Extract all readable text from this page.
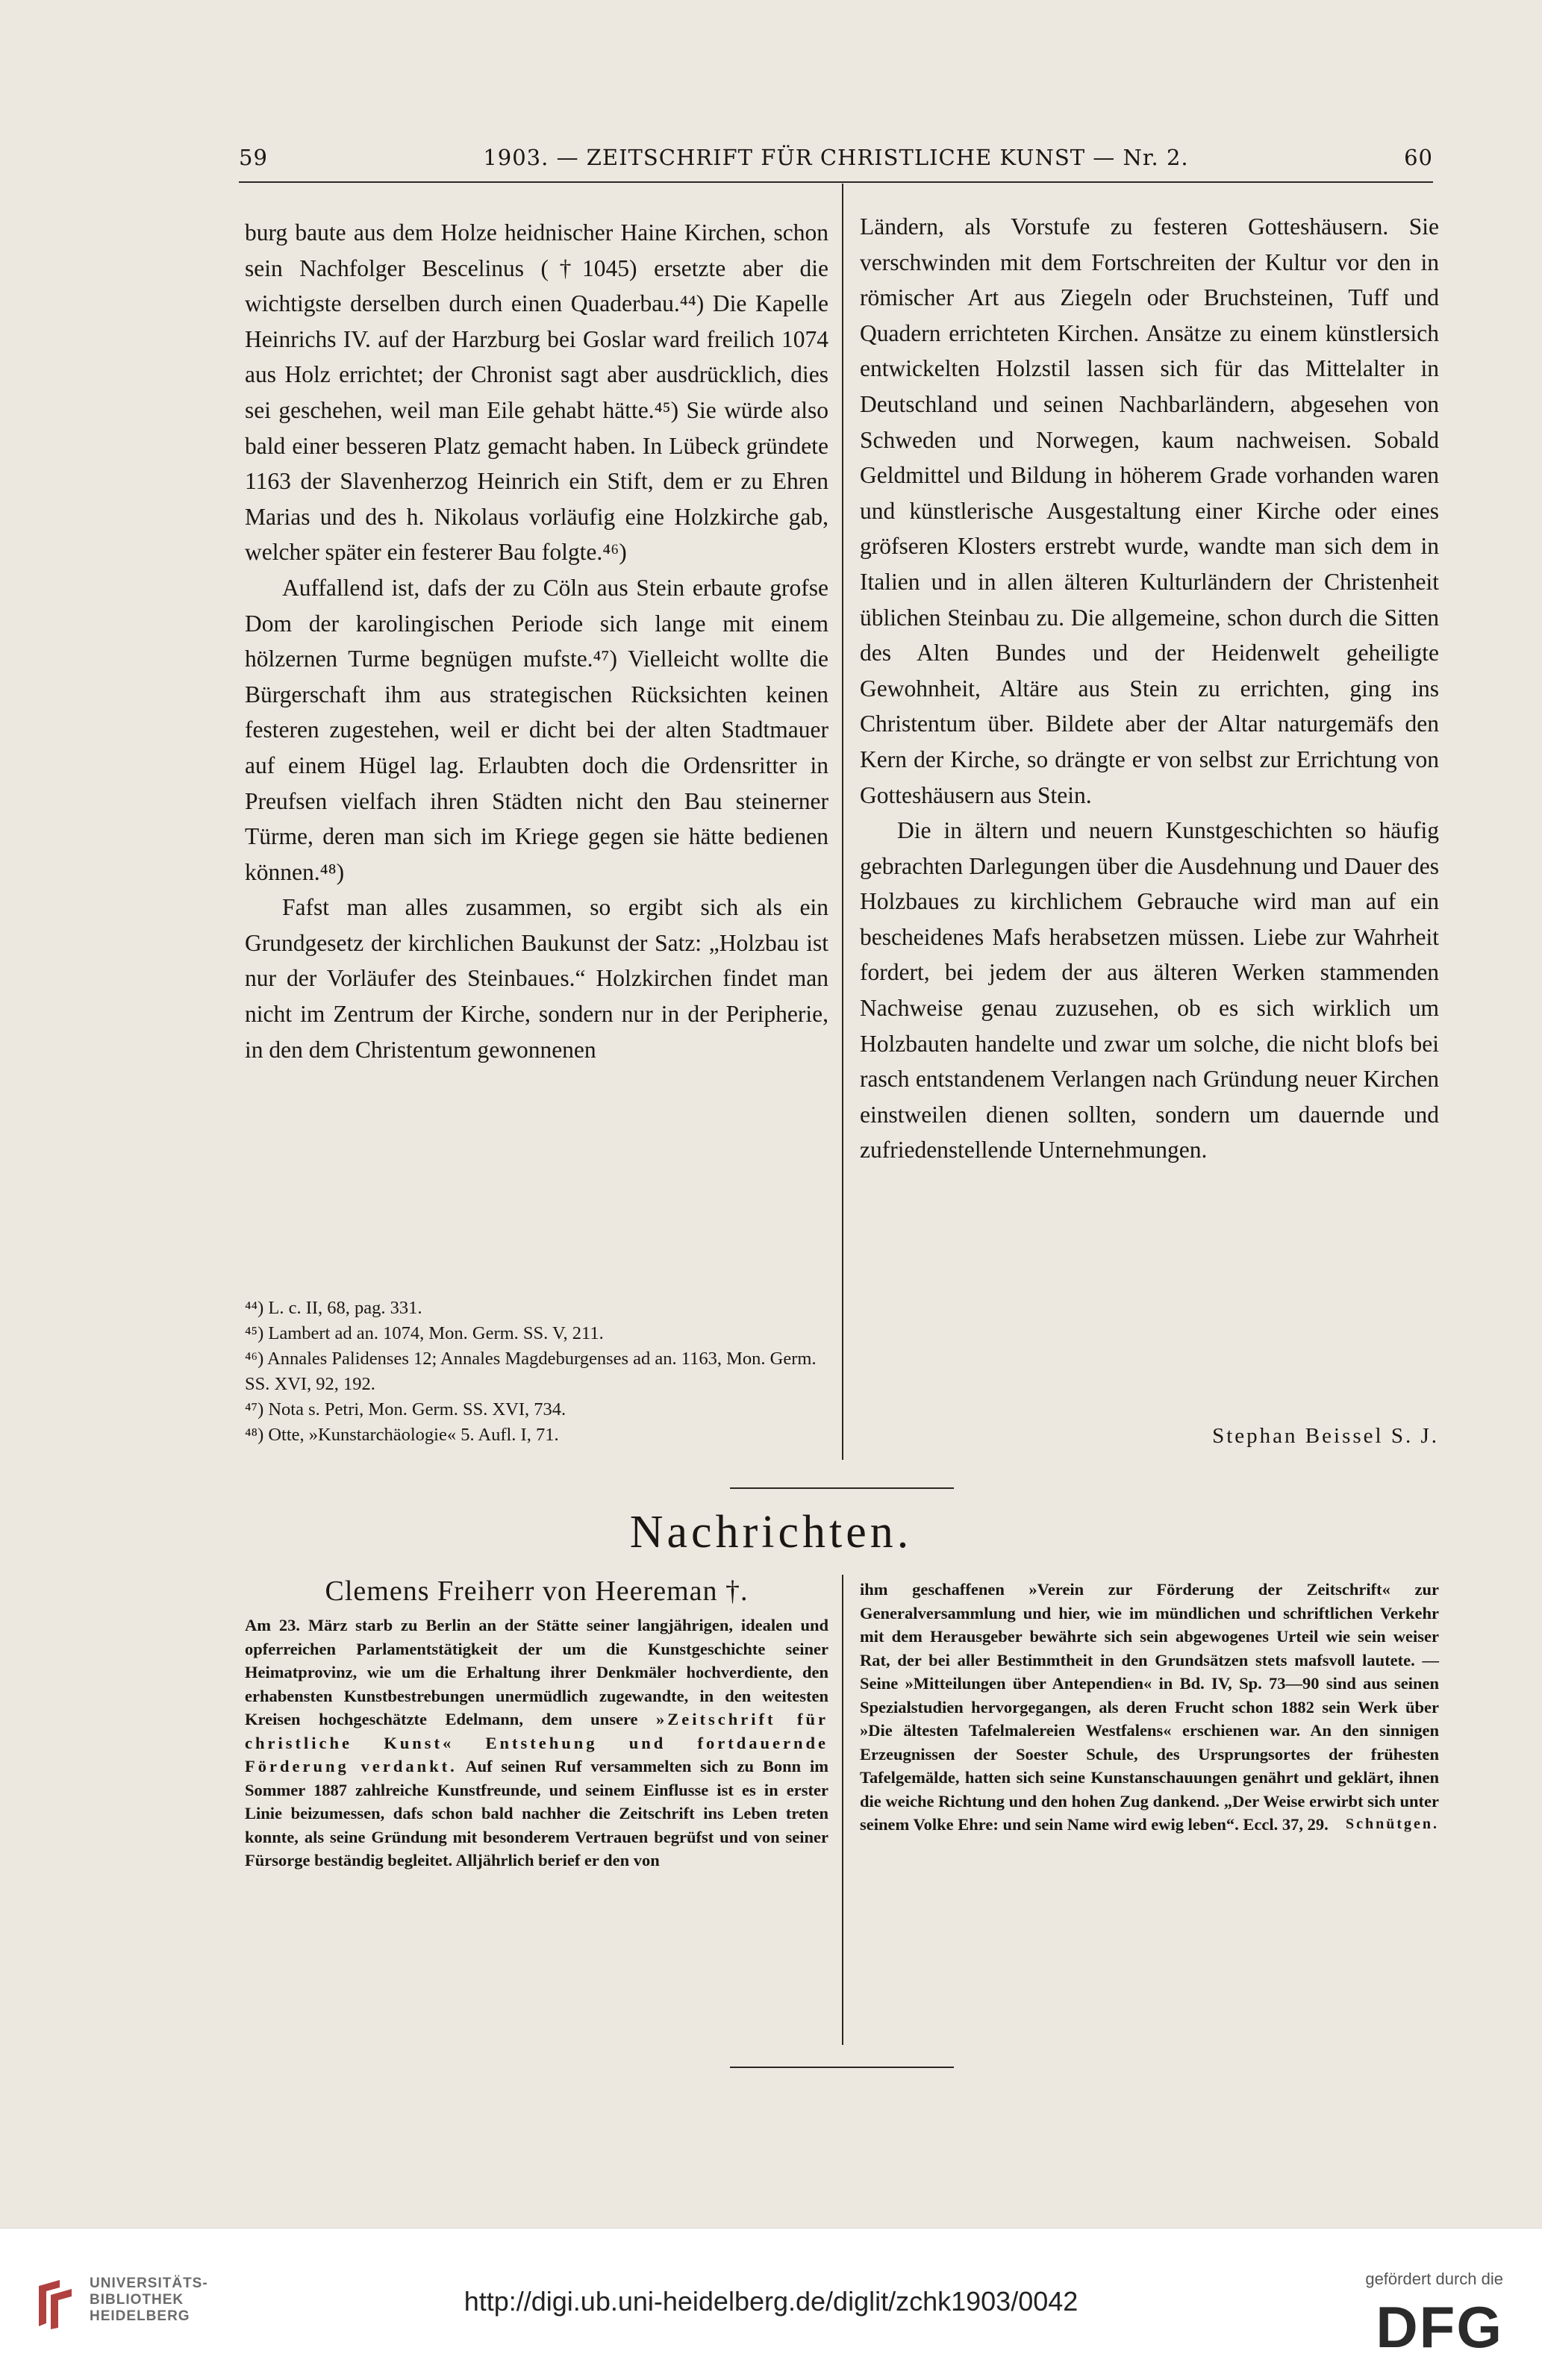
59	1903. — ZEITSCHRIFT FÜR CHRISTLICHE KUNST — Nr. 2.	60

burg baute aus dem Holze heidnischer Haine Kirchen, schon sein Nachfolger Bescelinus (†1045) ersetzte aber die wichtigste derselben durch einen Quaderbau.⁴⁴) Die Kapelle Heinrichs IV. auf der Harzburg bei Goslar ward freilich 1074 aus Holz errichtet; der Chronist sagt aber ausdrücklich, dies sei geschehen, weil man Eile gehabt hätte.⁴⁵) Sie würde also bald einer besseren Platz gemacht haben. In Lübeck gründete 1163 der Slavenherzog Heinrich ein Stift, dem er zu Ehren Marias und des h. Nikolaus vorläufig eine Holzkirche gab, welcher später ein festerer Bau folgte.⁴⁶)

Auffallend ist, dafs der zu Cöln aus Stein erbaute grofse Dom der karolingischen Periode sich lange mit einem hölzernen Turme begnügen mufste.⁴⁷) Vielleicht wollte die Bürgerschaft ihm aus strategischen Rücksichten keinen festeren zugestehen, weil er dicht bei der alten Stadtmauer auf einem Hügel lag. Erlaubten doch die Ordensritter in Preufsen vielfach ihren Städten nicht den Bau steinerner Türme, deren man sich im Kriege gegen sie hätte bedienen können.⁴⁸)

Fafst man alles zusammen, so ergibt sich als ein Grundgesetz der kirchlichen Baukunst der Satz: „Holzbau ist nur der Vorläufer des Steinbaues.“ Holzkirchen findet man nicht im Zentrum der Kirche, sondern nur in der Peripherie, in den dem Christentum gewonnenen

⁴⁴) L. c. II, 68, pag. 331.
⁴⁵) Lambert ad an. 1074, Mon. Germ. SS. V, 211.
⁴⁶) Annales Palidenses 12; Annales Magdeburgenses ad an. 1163, Mon. Germ. SS. XVI, 92, 192.
⁴⁷) Nota s. Petri, Mon. Germ. SS. XVI, 734.
⁴⁸) Otte, »Kunstarchäologie« 5. Aufl. I, 71.

Ländern, als Vorstufe zu festeren Gotteshäusern. Sie verschwinden mit dem Fortschreiten der Kultur vor den in römischer Art aus Ziegeln oder Bruchsteinen, Tuff und Quadern errichteten Kirchen. Ansätze zu einem künstlersich entwickelten Holzstil lassen sich für das Mittelalter in Deutschland und seinen Nachbarländern, abgesehen von Schweden und Norwegen, kaum nachweisen. Sobald Geldmittel und Bildung in höherem Grade vorhanden waren und künstlerische Ausgestaltung einer Kirche oder eines gröfseren Klosters erstrebt wurde, wandte man sich dem in Italien und in allen älteren Kulturländern der Christenheit üblichen Steinbau zu. Die allgemeine, schon durch die Sitten des Alten Bundes und der Heidenwelt geheiligte Gewohnheit, Altäre aus Stein zu errichten, ging ins Christentum über. Bildete aber der Altar naturgemäfs den Kern der Kirche, so drängte er von selbst zur Errichtung von Gotteshäusern aus Stein.

Die in ältern und neuern Kunstgeschichten so häufig gebrachten Darlegungen über die Ausdehnung und Dauer des Holzbaues zu kirchlichem Gebrauche wird man auf ein bescheidenes Mafs herabsetzen müssen. Liebe zur Wahrheit fordert, bei jedem der aus älteren Werken stammenden Nachweise genau zuzusehen, ob es sich wirklich um Holzbauten handelte und zwar um solche, die nicht blofs bei rasch entstandenem Verlangen nach Gründung neuer Kirchen einstweilen dienen sollten, sondern um dauernde und zufriedenstellende Unternehmungen.

Stephan Beissel S. J.
Nachrichten.
Clemens Freiherr von Heereman †.

Am 23. März starb zu Berlin an der Stätte seiner langjährigen, idealen und opferreichen Parlamentstätigkeit der um die Kunstgeschichte seiner Heimatprovinz, wie um die Erhaltung ihrer Denkmäler hochverdiente, den erhabensten Kunstbestrebungen unermüdlich zugewandte, in den weitesten Kreisen hochgeschätzte Edelmann, dem unsere »Zeitschrift für christliche Kunst« Entstehung und fortdauernde Förderung verdankt. Auf seinen Ruf versammelten sich zu Bonn im Sommer 1887 zahlreiche Kunstfreunde, und seinem Einflusse ist es in erster Linie beizumessen, dafs schon bald nachher die Zeitschrift ins Leben treten konnte, als seine Gründung mit besonderem Vertrauen begrüfst und von seiner Fürsorge beständig begleitet. Alljährlich berief er den von

ihm geschaffenen »Verein zur Förderung der Zeitschrift« zur Generalversammlung und hier, wie im mündlichen und schriftlichen Verkehr mit dem Herausgeber bewährte sich sein abgewogenes Urteil wie sein weiser Rat, der bei aller Bestimmtheit in den Grundsätzen stets mafsvoll lautete. — Seine »Mitteilungen über Antependien« in Bd. IV, Sp. 73—90 sind aus seinen Spezialstudien hervorgegangen, als deren Frucht schon 1882 sein Werk über »Die ältesten Tafelmalereien Westfalens« erschienen war. An den sinnigen Erzeugnissen der Soester Schule, des Ursprungsortes der frühesten Tafelgemälde, hatten sich seine Kunstanschauungen genährt und geklärt, ihnen die weiche Richtung und den hohen Zug dankend. „Der Weise erwirbt sich unter seinem Volke Ehre: und sein Name wird ewig leben“. Eccl. 37, 29. Schnütgen.

UNIVERSITÄTS-
BIBLIOTHEK
HEIDELBERG	http://digi.ub.uni-heidelberg.de/diglit/zchk1903/0042
gefördert durch die
DFG
